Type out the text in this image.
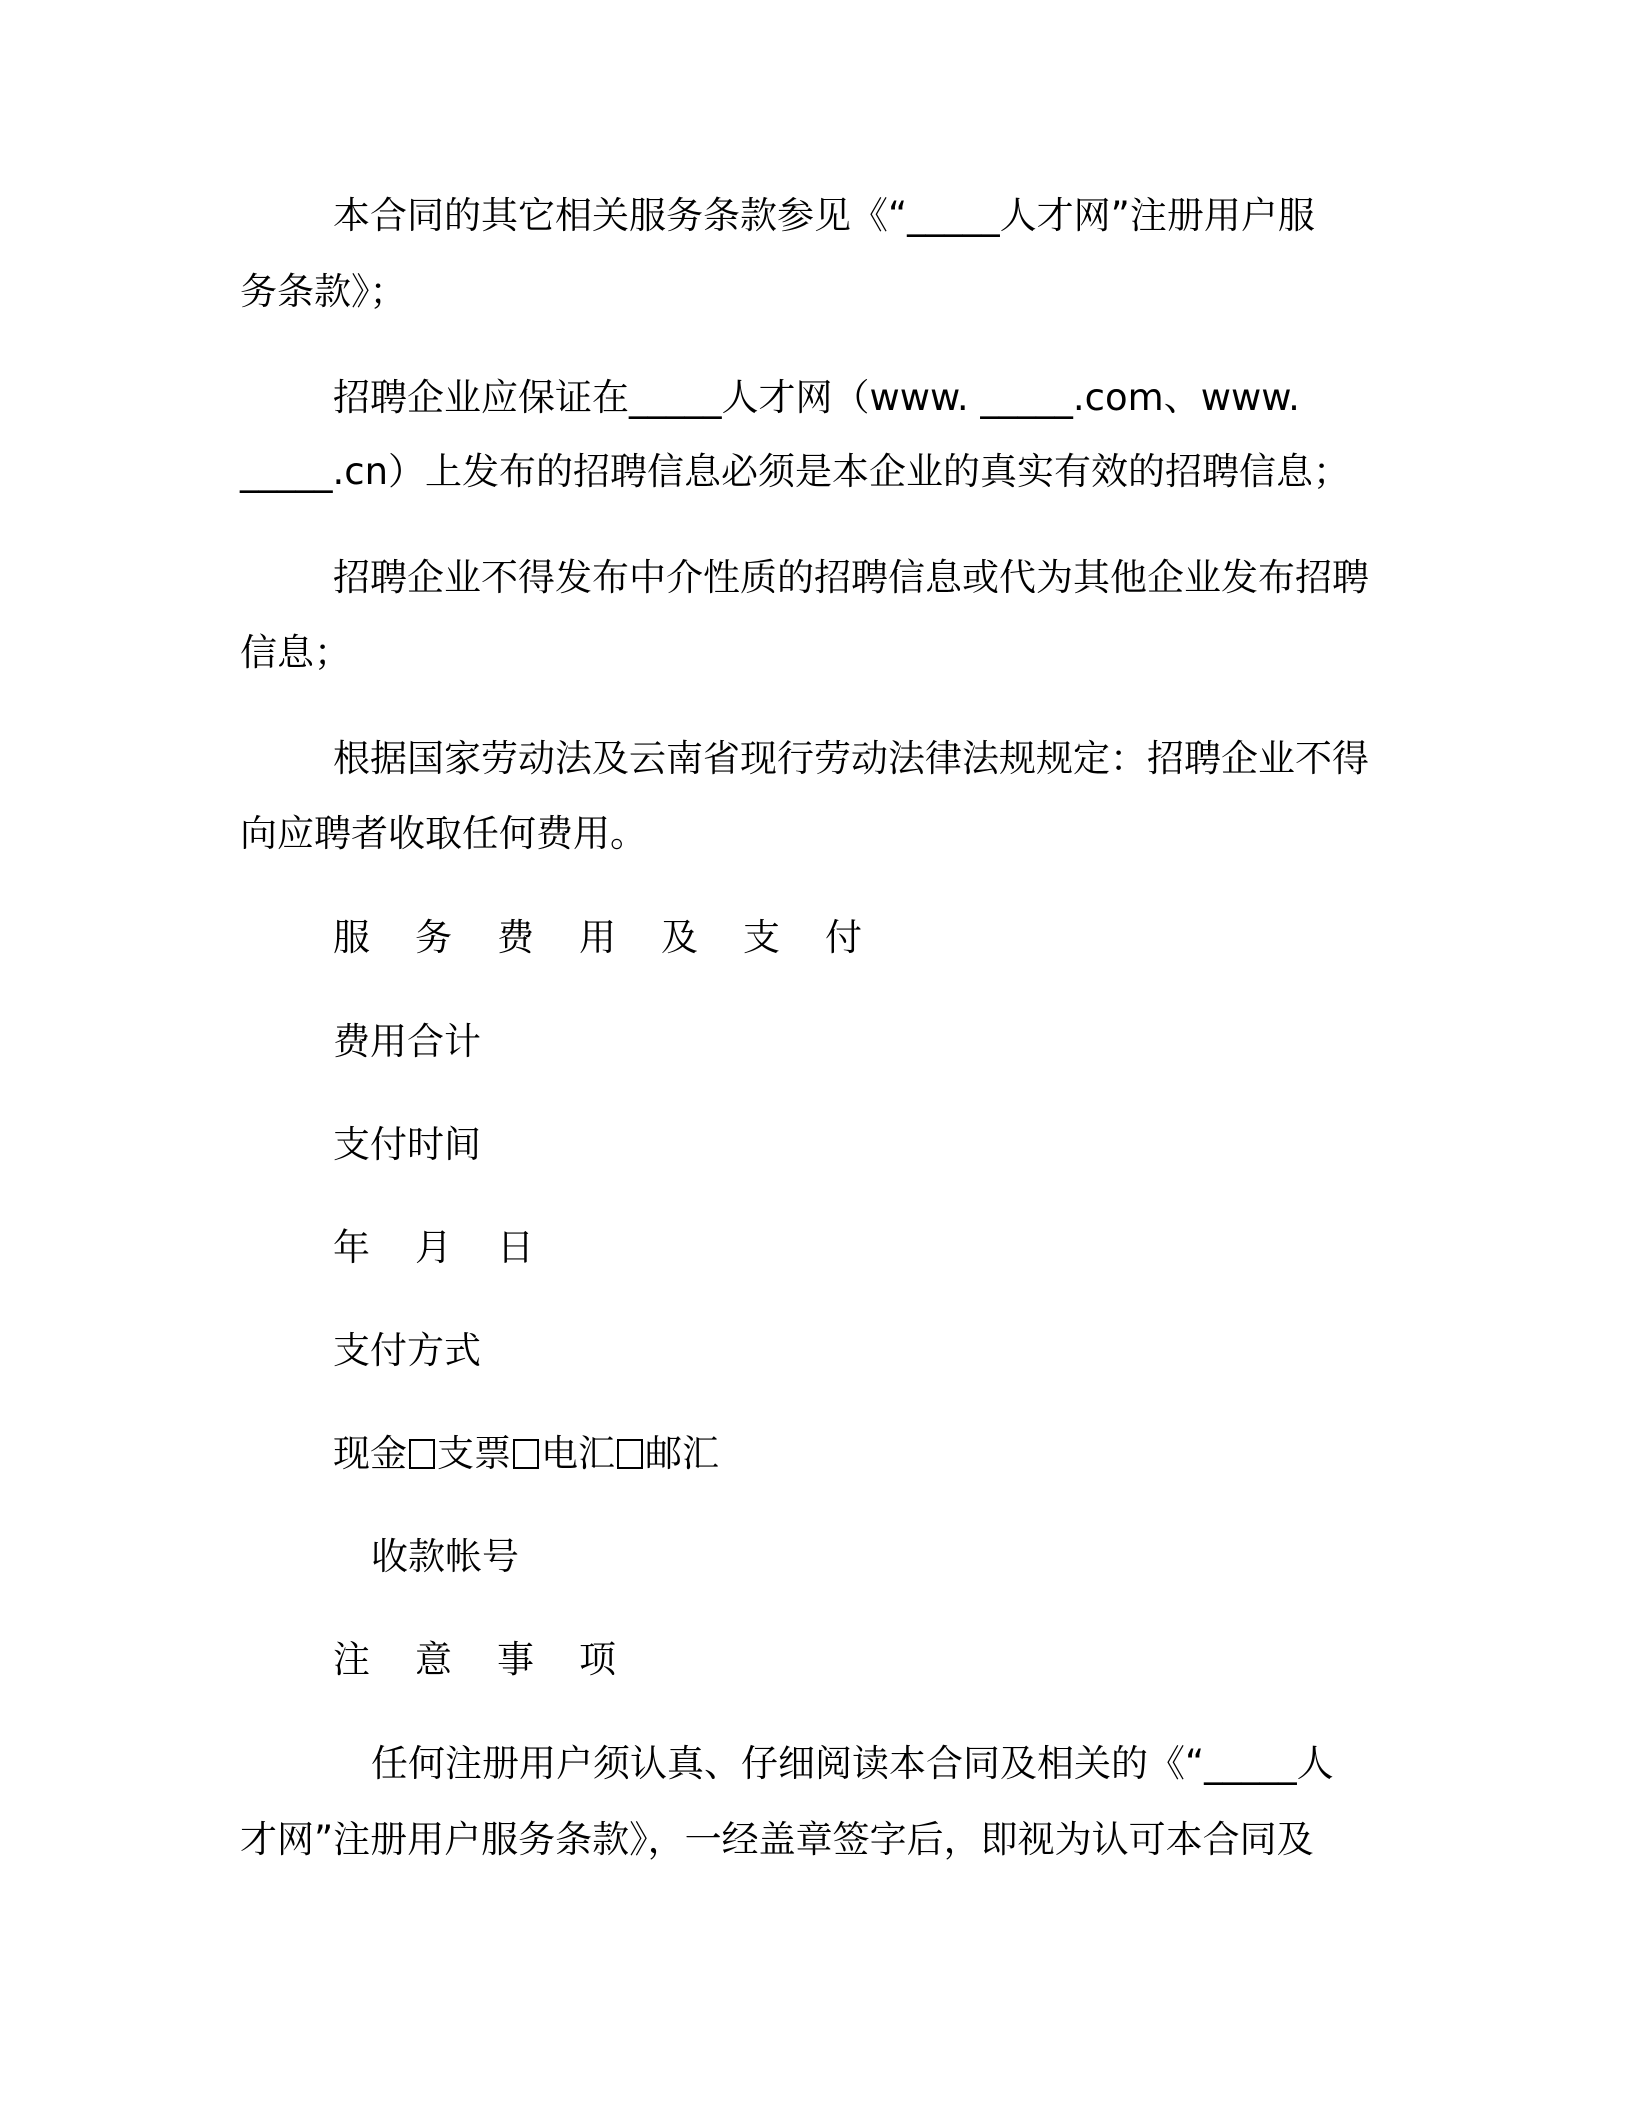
本合同的其它相关服务条款参见《“_____人才网”注册用户服
务条款》；
招聘企业应保证在_____人才网（www. _____.com、www.
_____.cn）上发布的招聘信息必须是本企业的真实有效的招聘信息；
招聘企业不得发布中介性质的招聘信息或代为其他企业发布招聘
信息；
根据国家劳动法及云南省现行劳动法律法规规定：招聘企业不得
向应聘者收取任何费用。
服 务 费 用 及 支 付
费用合计
支付时间
年 月 日
支付方式
现金 支票 电汇 邮汇
收款帐号
注 意 事 项
任何注册用户须认真、仔细阅读本合同及相关的《“_____人
才网”注册用户服务条款》，一经盖章签字后，即视为认可本合同及
